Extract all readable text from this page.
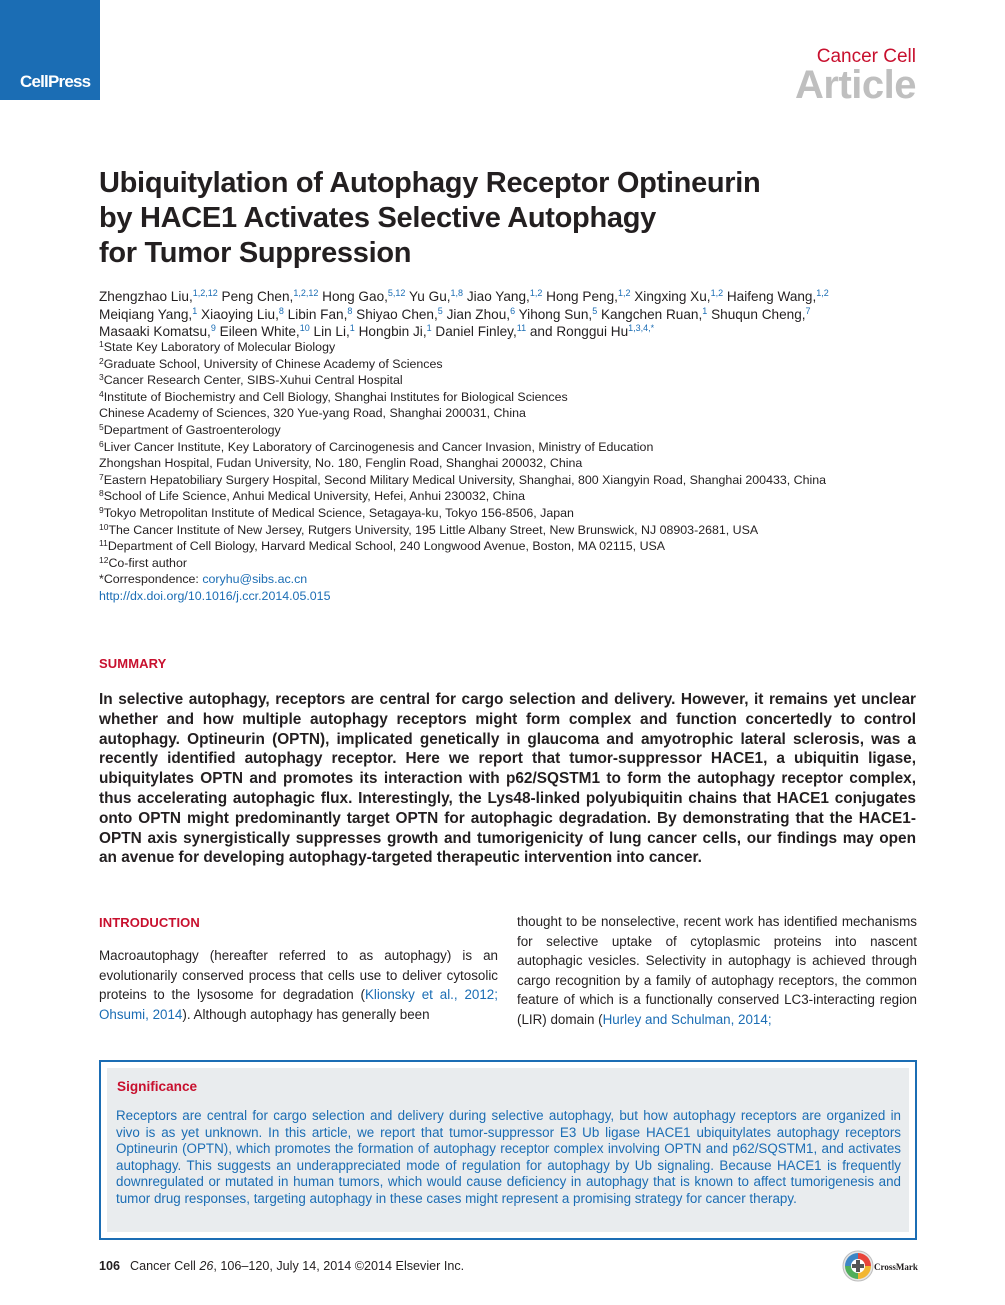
CellPress
Cancer Cell
Article
Ubiquitylation of Autophagy Receptor Optineurin
by HACE1 Activates Selective Autophagy
for Tumor Suppression
Zhengzhao Liu,$^{1,2,12}$ Peng Chen,$^{1,2,12}$ Hong Gao,$^{5,12}$ Yu Gu,$^{1,8}$ Jiao Yang,$^{1,2}$ Hong Peng,$^{1,2}$ Xingxing Xu,$^{1,2}$ Haifeng Wang,$^{1,2}$ Meiqiang Yang,$^1$ Xiaoying Liu,$^8$ Libin Fan,$^8$ Shiyao Chen,$^5$ Jian Zhou,$^6$ Yihong Sun,$^5$ Kangchen Ruan,$^1$ Shuqun Cheng,$^7$ Masaaki Komatsu,$^9$ Eileen White,$^{10}$ Lin Li,$^1$ Hongbin Ji,$^1$ Daniel Finley,$^{11}$ and Ronggui $Hu^{1,3,4,*}$
$^1$State Key Laboratory of Molecular Biology
$^2$Graduate School, University of Chinese Academy of Sciences
$^3$Cancer Research Center, SIBS-Xuhui Central Hospital
$^4$Institute of Biochemistry and Cell Biology, Shanghai Institutes for Biological Sciences
Chinese Academy of Sciences, 320 Yue-yang Road, Shanghai 200031, China
$^5$Department of Gastroenterology
$^6$Liver Cancer Institute, Key Laboratory of Carcinogenesis and Cancer Invasion, Ministry of Education
Zhongshan Hospital, Fudan University, No. 180, Fenglin Road, Shanghai 200032, China
$^7$Eastern Hepatobiliary Surgery Hospital, Second Military Medical University, Shanghai, 800 Xiangyin Road, Shanghai 200433, China
$^8$School of Life Science, Anhui Medical University, Hefei, Anhui 230032, China
$^9$Tokyo Metropolitan Institute of Medical Science, Setagaya-ku, Tokyo 156-8506, Japan
$^{10}$The Cancer Institute of New Jersey, Rutgers University, 195 Little Albany Street, New Brunswick, NJ 08903-2681, USA
$^{11}$Department of Cell Biology, Harvard Medical School, 240 Longwood Avenue, Boston, MA 02115, USA
$^{12}$Co-first author
*Correspondence: coryhu@sibs.ac.cn
http://dx.doi.org/10.1016/j.ccr.2014.05.015
SUMMARY
In selective autophagy, receptors are central for cargo selection and delivery. However, it remains yet unclear whether and how multiple autophagy receptors might form complex and function concertedly to control autophagy. Optineurin (OPTN), implicated genetically in glaucoma and amyotrophic lateral sclerosis, was a recently identified autophagy receptor. Here we report that tumor-suppressor HACE1, a ubiquitin ligase, ubiquitylates OPTN and promotes its interaction with p62/SQSTM1 to form the autophagy receptor complex, thus accelerating autophagic flux. Interestingly, the Lys48-linked polyubiquitin chains that HACE1 conjugates onto OPTN might predominantly target OPTN for autophagic degradation. By demonstrating that the HACE1-OPTN axis synergistically suppresses growth and tumorigenicity of lung cancer cells, our findings may open an avenue for developing autophagy-targeted therapeutic intervention into cancer.
INTRODUCTION
Macroautophagy (hereafter referred to as autophagy) is an evolutionarily conserved process that cells use to deliver cytosolic proteins to the lysosome for degradation (Klionsky et al., 2012; Ohsumi, 2014). Although autophagy has generally been
thought to be nonselective, recent work has identified mechanisms for selective uptake of cytoplasmic proteins into nascent autophagic vesicles. Selectivity in autophagy is achieved through cargo recognition by a family of autophagy receptors, the common feature of which is a functionally conserved LC3-interacting region (LIR) domain (Hurley and Schulman, 2014;
Significance
Receptors are central for cargo selection and delivery during selective autophagy, but how autophagy receptors are organized in vivo is as yet unknown. In this article, we report that tumor-suppressor E3 Ub ligase HACE1 ubiquitylates autophagy receptors Optineurin (OPTN), which promotes the formation of autophagy receptor complex involving OPTN and p62/SQSTM1, and activates autophagy. This suggests an underappreciated mode of regulation for autophagy by Ub signaling. Because HACE1 is frequently downregulated or mutated in human tumors, which would cause deficiency in autophagy that is known to affect tumorigenesis and tumor drug responses, targeting autophagy in these cases might represent a promising strategy for cancer therapy.
106 Cancer Cell 26, 106–120, July 14, 2014 ©2014 Elsevier Inc.	CrossMark
